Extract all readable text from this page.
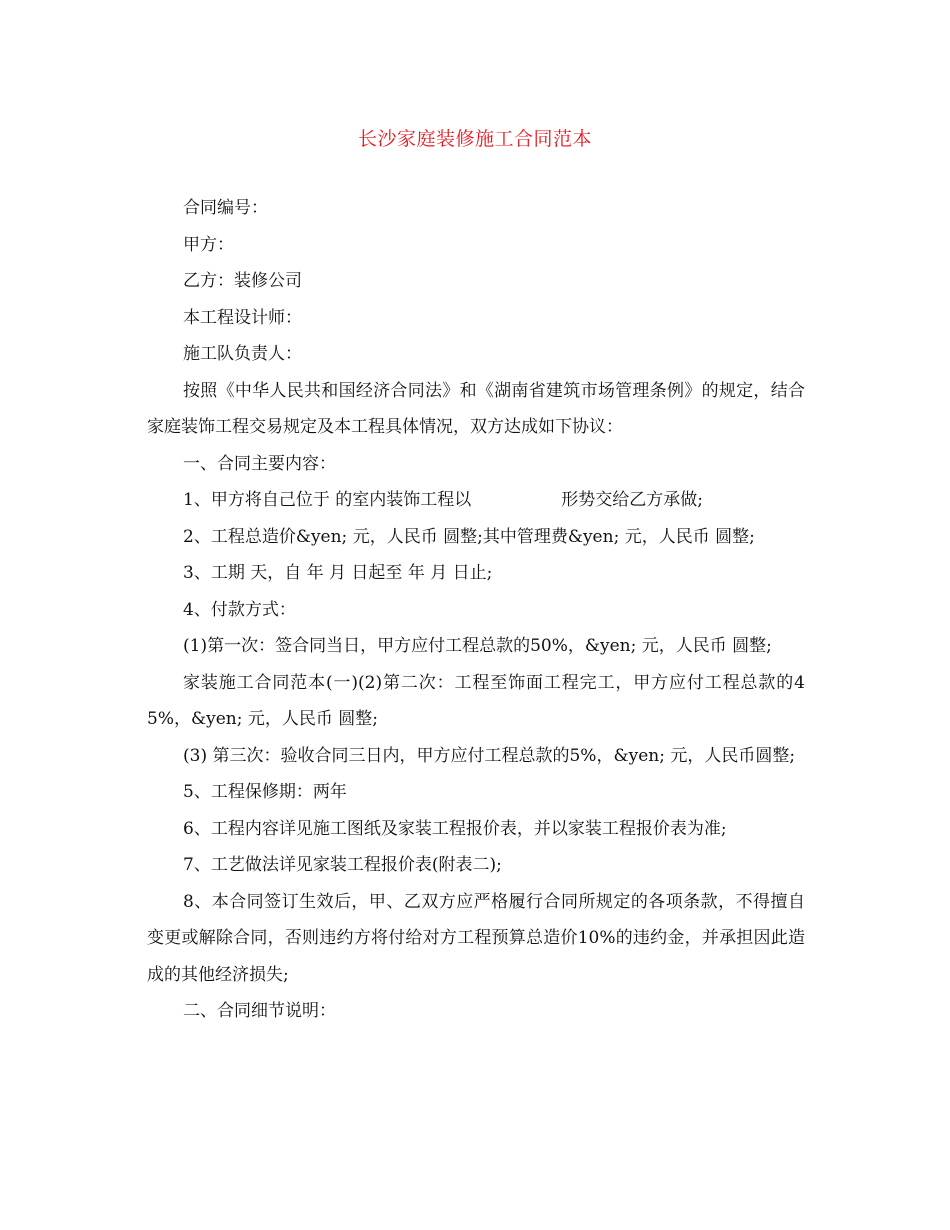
长沙家庭装修施工合同范本

合同编号：

甲方：

乙方：装修公司

本工程设计师：

施工队负责人：

按照《中华人民共和国经济合同法》和《湖南省建筑市场管理条例》的规定，结合家庭装饰工程交易规定及本工程具体情况，双方达成如下协议：

一、合同主要内容：

1、甲方将自己位于 的室内装饰工程以	形势交给乙方承做;

2、工程总造价&yen; 元，人民币 圆整;其中管理费&yen; 元，人民币 圆整;

3、工期 天，自 年 月 日起至 年 月 日止;

4、付款方式：

(1)第一次：签合同当日，甲方应付工程总款的50%，&yen; 元，人民币 圆整;

家装施工合同范本(一)(2)第二次：工程至饰面工程完工，甲方应付工程总款的45%，&yen; 元，人民币 圆整;

(3) 第三次：验收合同三日内，甲方应付工程总款的5%，&yen; 元，人民币圆整;

5、工程保修期：两年

6、工程内容详见施工图纸及家装工程报价表，并以家装工程报价表为准;

7、工艺做法详见家装工程报价表(附表二);

8、本合同签订生效后，甲、乙双方应严格履行合同所规定的各项条款，不得擅自变更或解除合同，否则违约方将付给对方工程预算总造价10%的违约金，并承担因此造成的其他经济损失;

二、合同细节说明：
